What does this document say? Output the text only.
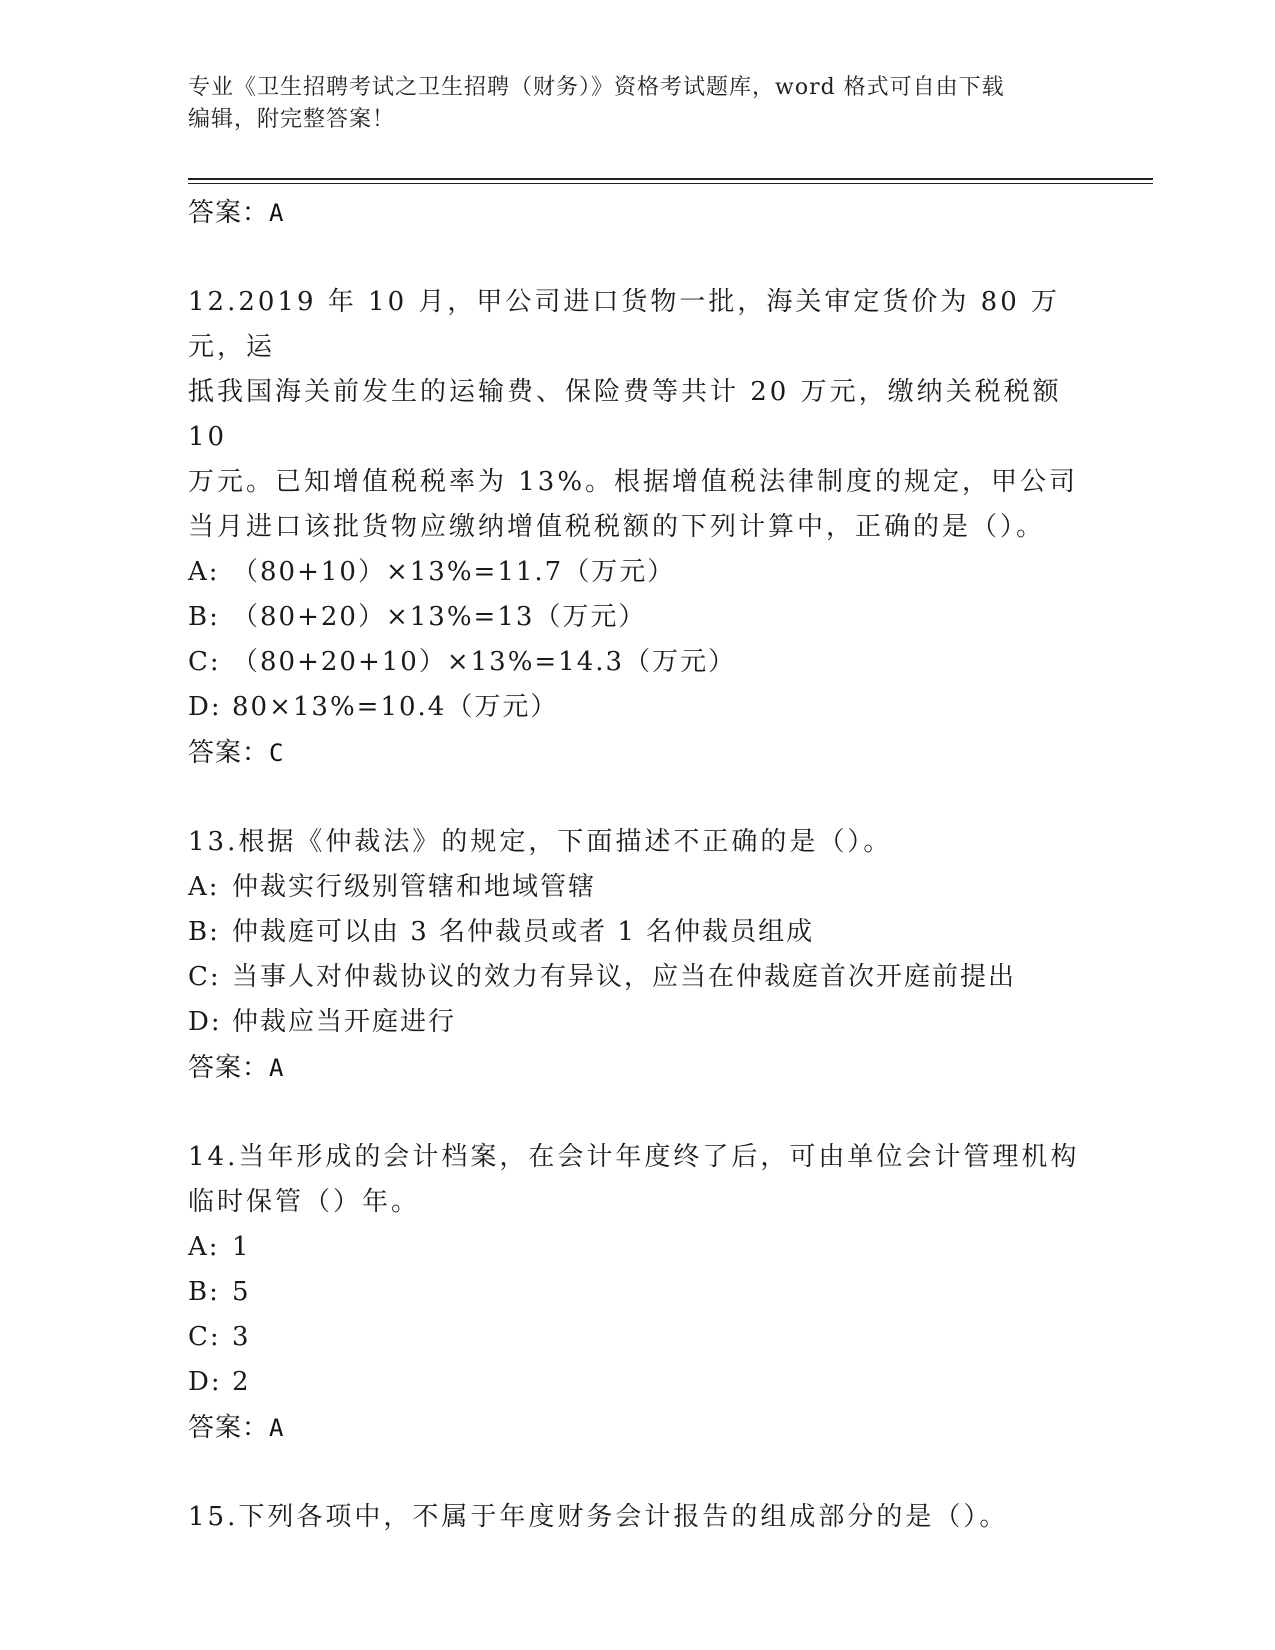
专业《卫生招聘考试之卫生招聘（财务）》资格考试题库，word 格式可自由下载
编辑，附完整答案！
答案：A
12.2019 年 10 月，甲公司进口货物一批，海关审定货价为 80 万元，运
抵我国海关前发生的运输费、保险费等共计 20 万元，缴纳关税税额 10
万元。已知增值税税率为 13%。根据增值税法律制度的规定，甲公司
当月进口该批货物应缴纳增值税税额的下列计算中，正确的是（）。
A: （80+10）×13%=11.7（万元）
B: （80+20）×13%=13（万元）
C: （80+20+10）×13%=14.3（万元）
D: 80×13%=10.4（万元）
答案：C
13.根据《仲裁法》的规定，下面描述不正确的是（）。
A: 仲裁实行级别管辖和地域管辖
B: 仲裁庭可以由 3 名仲裁员或者 1 名仲裁员组成
C: 当事人对仲裁协议的效力有异议，应当在仲裁庭首次开庭前提出
D: 仲裁应当开庭进行
答案：A
14.当年形成的会计档案，在会计年度终了后，可由单位会计管理机构
临时保管（）年。
A: 1
B: 5
C: 3
D: 2
答案：A
15.下列各项中，不属于年度财务会计报告的组成部分的是（）。
